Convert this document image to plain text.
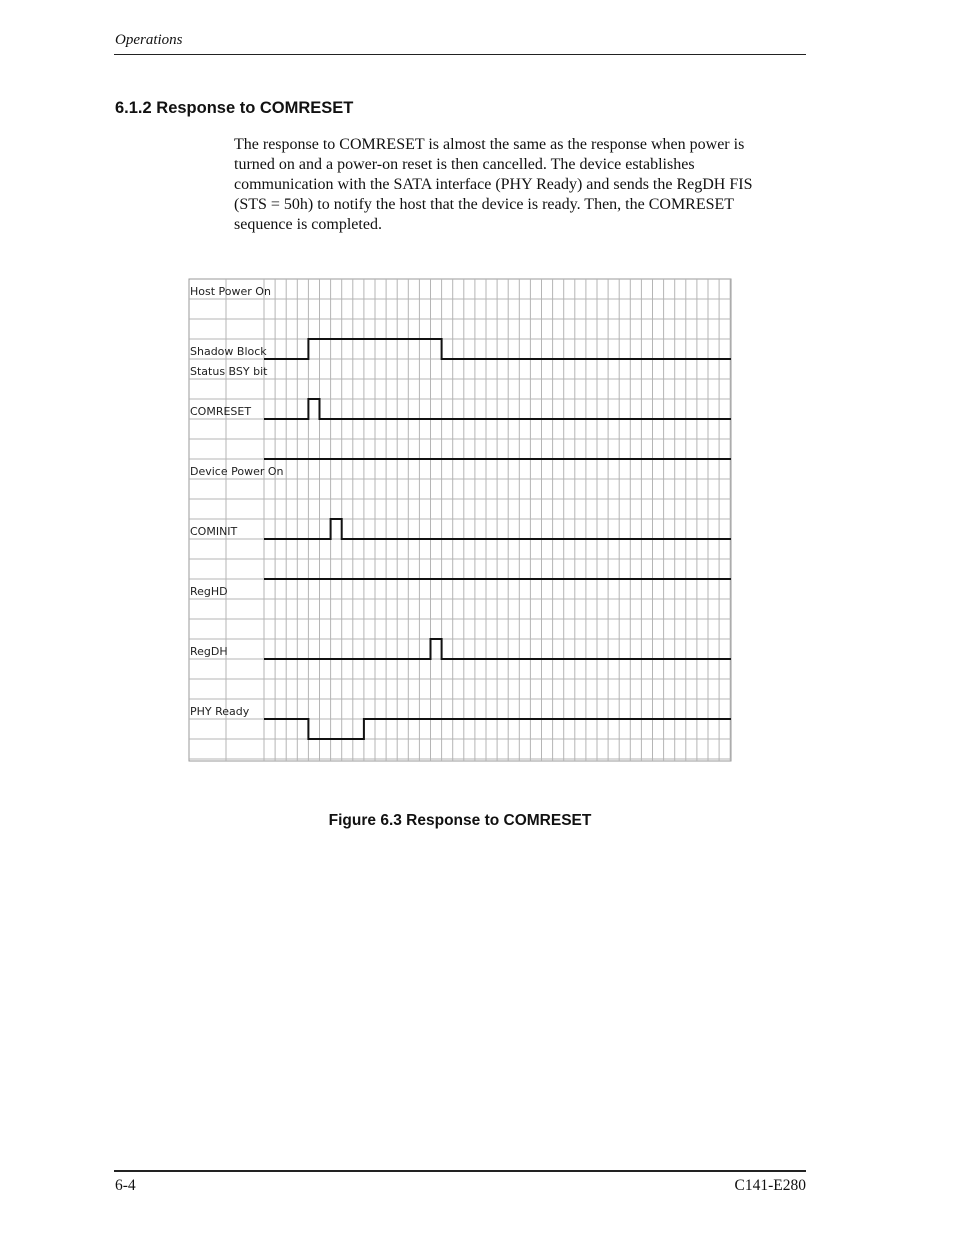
Operations
6.1.2 Response to COMRESET
The response to COMRESET is almost the same as the response when power is
turned on and a power-on reset is then cancelled. The device establishes
communication with the SATA interface (PHY Ready) and sends the RegDH FIS
(STS = 50h) to notify the host that the device is ready. Then, the COMRESET
sequence is completed.
Host Power On
Shadow Block
Status BSY bit
COMRESET
Device Power On
COMINIT
RegHD
RegDH
PHY Ready
Figure 6.3 Response to COMRESET
6-4	C141-E280
